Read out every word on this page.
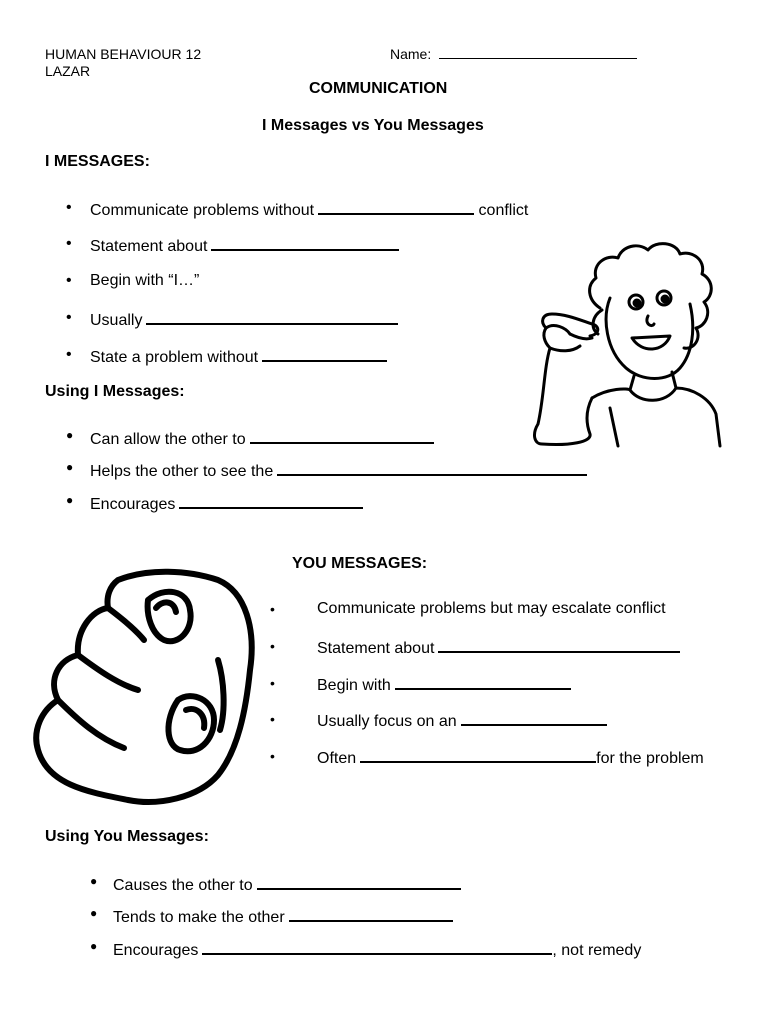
HUMAN BEHAVIOUR 12
LAZAR
Name:
COMMUNICATION
I Messages vs You Messages
I MESSAGES:
• Communicate problems without	conflict
• Statement about
• Begin with “I…”
• Usually
• State a problem without
Using I Messages:
● Can allow the other to
● Helps the other to see the
● Encourages
YOU MESSAGES:
•	Communicate problems but may escalate conflict
•	Statement about
•	Begin with
•	Usually focus on an
•	Often	for the problem
Using You Messages:
● Causes the other to
● Tends to make the other
● Encourages	, not remedy
